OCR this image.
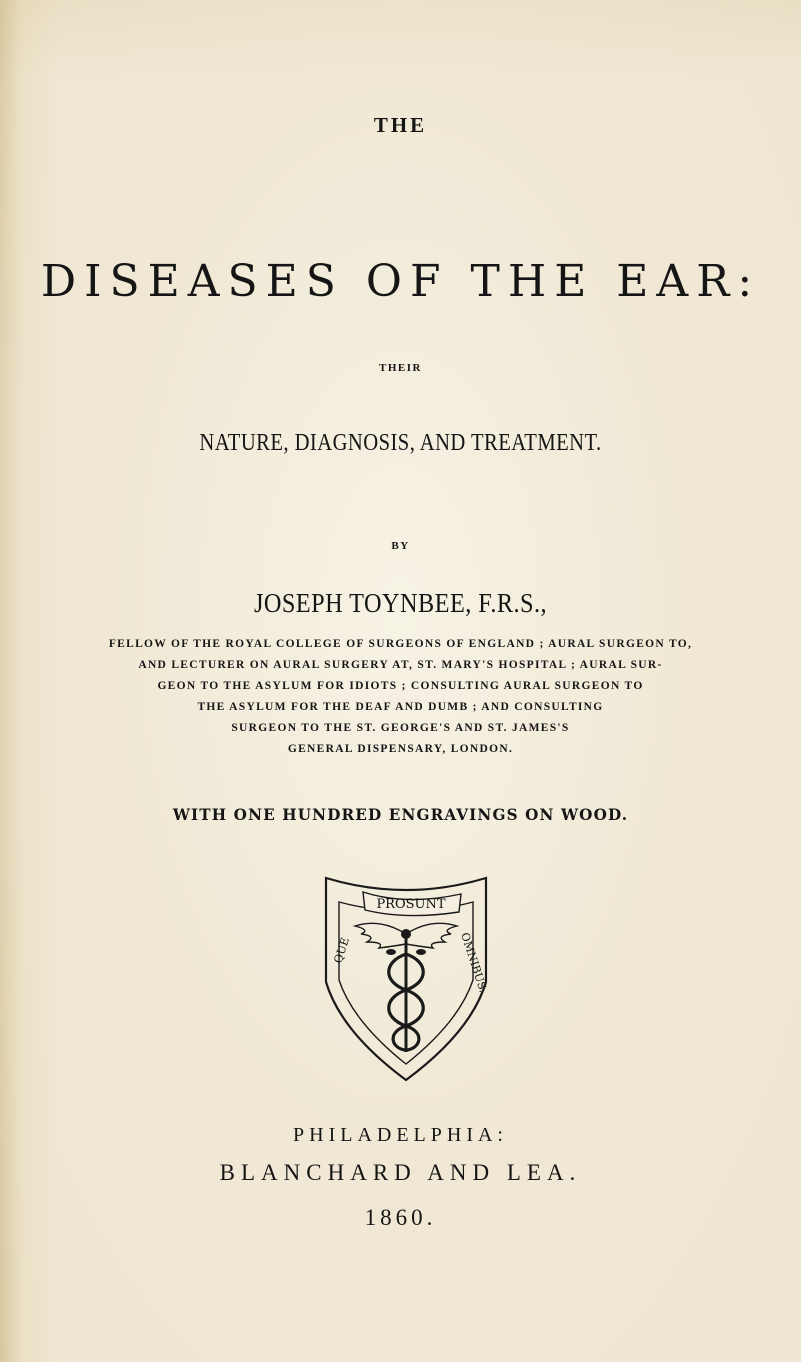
THE
DISEASES OF THE EAR:
THEIR
NATURE, DIAGNOSIS, AND TREATMENT.
BY
JOSEPH TOYNBEE, F.R.S.,
FELLOW OF THE ROYAL COLLEGE OF SURGEONS OF ENGLAND ; AURAL SURGEON TO,
AND LECTURER ON AURAL SURGERY AT, ST. MARY'S HOSPITAL ; AURAL SUR-
GEON TO THE ASYLUM FOR IDIOTS ; CONSULTING AURAL SURGEON TO
THE ASYLUM FOR THE DEAF AND DUMB ; AND CONSULTING
SURGEON TO THE ST. GEORGE'S AND ST. JAMES'S
GENERAL DISPENSARY, LONDON.
WITH ONE HUNDRED ENGRAVINGS ON WOOD.
PROSUNT
QUE	OMNIBUS.
PHILADELPHIA:
BLANCHARD AND LEA.
1860.
